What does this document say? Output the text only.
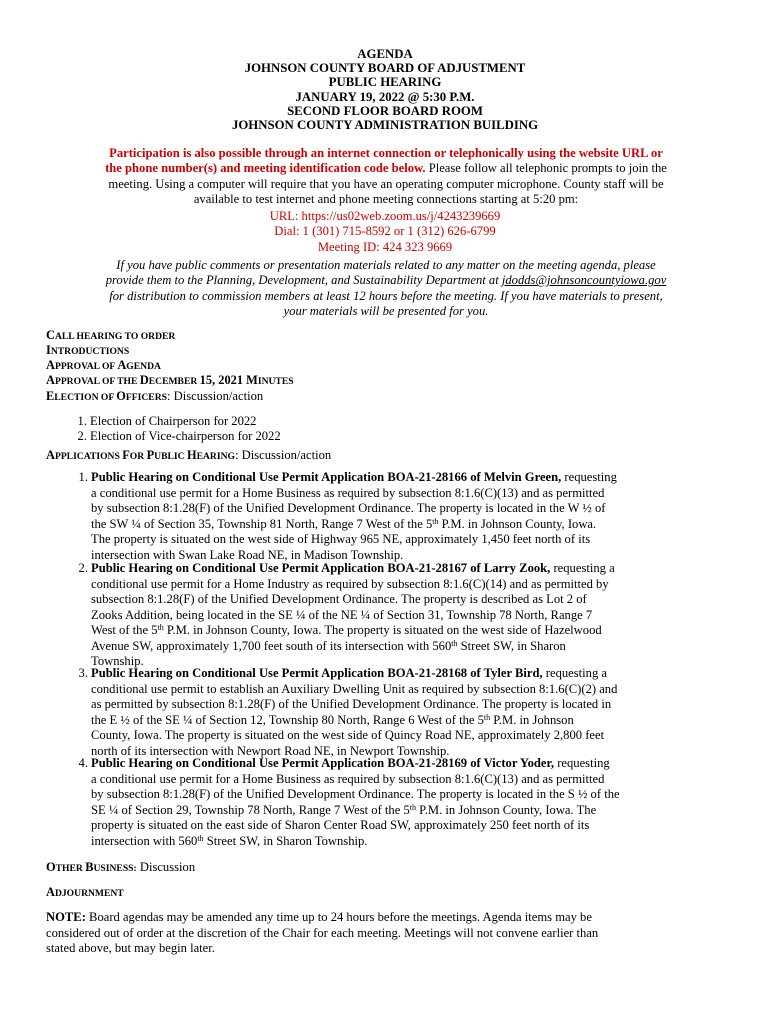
AGENDA
JOHNSON COUNTY BOARD OF ADJUSTMENT
PUBLIC HEARING
JANUARY 19, 2022 @ 5:30 P.M.
SECOND FLOOR BOARD ROOM
JOHNSON COUNTY ADMINISTRATION BUILDING
Participation is also possible through an internet connection or telephonically using the website URL or
the phone number(s) and meeting identification code below. Please follow all telephonic prompts to join the
meeting. Using a computer will require that you have an operating computer microphone. County staff will be
available to test internet and phone meeting connections starting at 5:20 pm:
URL: https://us02web.zoom.us/j/4243239669
Dial: 1 (301) 715-8592 or 1 (312) 626-6799
Meeting ID: 424 323 9669
If you have public comments or presentation materials related to any matter on the meeting agenda, please
provide them to the Planning, Development, and Sustainability Department at jdodds@johnsoncountyiowa.gov
for distribution to commission members at least 12 hours before the meeting. If you have materials to present,
your materials will be presented for you.
CALL HEARING TO ORDER
INTRODUCTIONS
APPROVAL OF AGENDA
APPROVAL OF THE DECEMBER 15, 2021 MINUTES
ELECTION OF OFFICERS: Discussion/action
1. Election of Chairperson for 2022
2. Election of Vice-chairperson for 2022
APPLICATIONS FOR PUBLIC HEARING: Discussion/action
1. Public Hearing on Conditional Use Permit Application BOA-21-28166 of Melvin Green, requesting
a conditional use permit for a Home Business as required by subsection 8:1.6(C)(13) and as permitted
by subsection 8:1.28(F) of the Unified Development Ordinance. The property is located in the W ½ of
the SW ¼ of Section 35, Township 81 North, Range 7 West of the 5th P.M. in Johnson County, Iowa.
The property is situated on the west side of Highway 965 NE, approximately 1,450 feet north of its
intersection with Swan Lake Road NE, in Madison Township.
2. Public Hearing on Conditional Use Permit Application BOA-21-28167 of Larry Zook, requesting a
conditional use permit for a Home Industry as required by subsection 8:1.6(C)(14) and as permitted by
subsection 8:1.28(F) of the Unified Development Ordinance. The property is described as Lot 2 of
Zooks Addition, being located in the SE ¼ of the NE ¼ of Section 31, Township 78 North, Range 7
West of the 5th P.M. in Johnson County, Iowa. The property is situated on the west side of Hazelwood
Avenue SW, approximately 1,700 feet south of its intersection with 560th Street SW, in Sharon
Township.
3. Public Hearing on Conditional Use Permit Application BOA-21-28168 of Tyler Bird, requesting a
conditional use permit to establish an Auxiliary Dwelling Unit as required by subsection 8:1.6(C)(2) and
as permitted by subsection 8:1.28(F) of the Unified Development Ordinance. The property is located in
the E ½ of the SE ¼ of Section 12, Township 80 North, Range 6 West of the 5th P.M. in Johnson
County, Iowa. The property is situated on the west side of Quincy Road NE, approximately 2,800 feet
north of its intersection with Newport Road NE, in Newport Township.
4. Public Hearing on Conditional Use Permit Application BOA-21-28169 of Victor Yoder, requesting
a conditional use permit for a Home Business as required by subsection 8:1.6(C)(13) and as permitted
by subsection 8:1.28(F) of the Unified Development Ordinance. The property is located in the S ½ of the
SE ¼ of Section 29, Township 78 North, Range 7 West of the 5th P.M. in Johnson County, Iowa. The
property is situated on the east side of Sharon Center Road SW, approximately 250 feet north of its
intersection with 560th Street SW, in Sharon Township.
OTHER BUSINESS: Discussion
ADJOURNMENT
NOTE: Board agendas may be amended any time up to 24 hours before the meetings. Agenda items may be
considered out of order at the discretion of the Chair for each meeting. Meetings will not convene earlier than
stated above, but may begin later.
